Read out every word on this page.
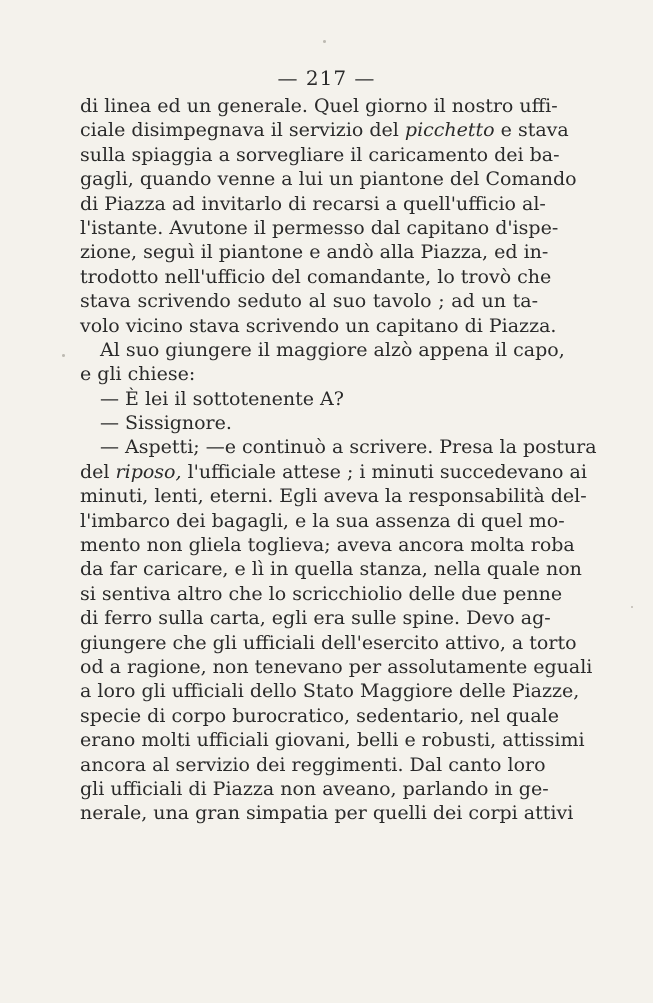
— 217 —
di linea ed un generale. Quel giorno il nostro uffi-
ciale disimpegnava il servizio del picchetto e stava
sulla spiaggia a sorvegliare il caricamento dei ba-
gagli, quando venne a lui un piantone del Comando
di Piazza ad invitarlo di recarsi a quell'ufficio al-
l'istante. Avutone il permesso dal capitano d'ispe-
zione, seguì il piantone e andò alla Piazza, ed in-
trodotto nell'ufficio del comandante, lo trovò che
stava scrivendo seduto al suo tavolo ; ad un ta-
volo vicino stava scrivendo un capitano di Piazza.
Al suo giungere il maggiore alzò appena il capo,
e gli chiese:
— È lei il sottotenente A?
— Sissignore.
— Aspetti; —e continuò a scrivere. Presa la postura
del riposo, l'ufficiale attese ; i minuti succedevano ai
minuti, lenti, eterni. Egli aveva la responsabilità del-
l'imbarco dei bagagli, e la sua assenza di quel mo-
mento non gliela toglieva; aveva ancora molta roba
da far caricare, e lì in quella stanza, nella quale non
si sentiva altro che lo scricchiolio delle due penne
di ferro sulla carta, egli era sulle spine. Devo ag-
giungere che gli ufficiali dell'esercito attivo, a torto
od a ragione, non tenevano per assolutamente eguali
a loro gli ufficiali dello Stato Maggiore delle Piazze,
specie di corpo burocratico, sedentario, nel quale
erano molti ufficiali giovani, belli e robusti, attissimi
ancora al servizio dei reggimenti. Dal canto loro
gli ufficiali di Piazza non aveano, parlando in ge-
nerale, una gran simpatia per quelli dei corpi attivi
